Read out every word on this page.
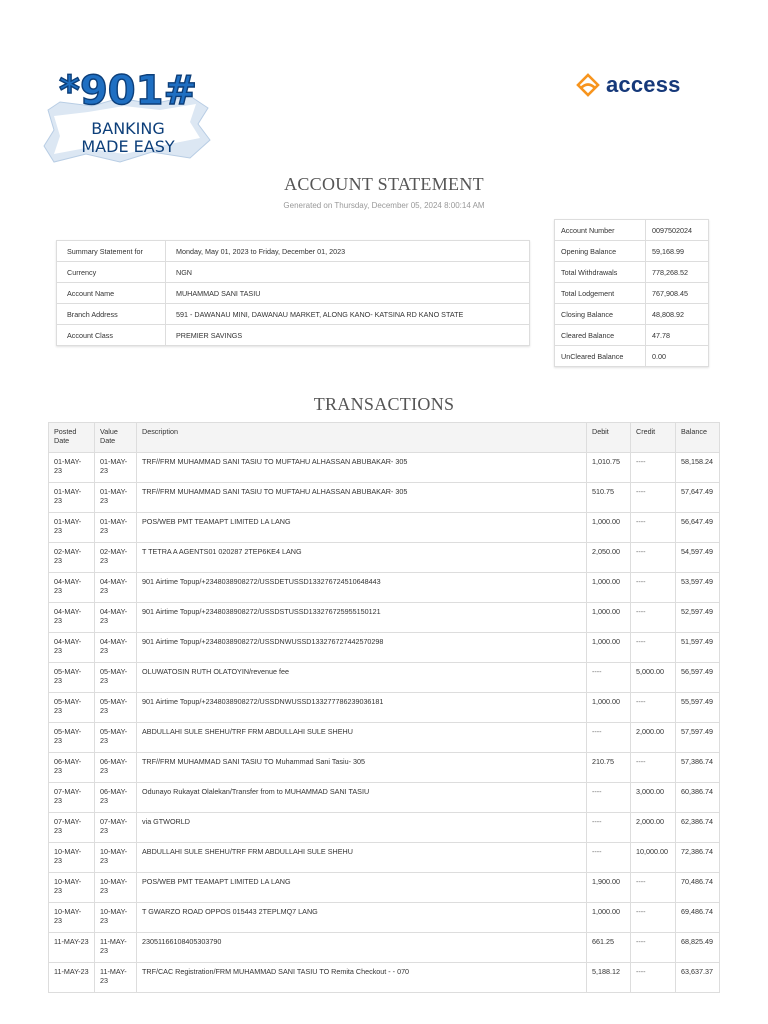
*901#
BANKING
MADE EASY
access
ACCOUNT STATEMENT
Generated on Thursday, December 05, 2024 8:00:14 AM
Summary Statement for	Monday, May 01, 2023 to Friday, December 01, 2023
Currency	NGN
Account Name	MUHAMMAD SANI TASIU
Branch Address	591 - DAWANAU MINI, DAWANAU MARKET, ALONG KANO- KATSINA RD KANO STATE
Account Class	PREMIER SAVINGS
Account Number	0097502024
Opening Balance	59,168.99
Total Withdrawals	778,268.52
Total Lodgement	767,908.45
Closing Balance	48,808.92
Cleared Balance	47.78
UnCleared Balance	0.00
TRANSACTIONS
Posted Date	Value Date	Description	Debit	Credit	Balance
01-MAY-23	01-MAY-23	TRF//FRM MUHAMMAD SANI TASIU TO MUFTAHU ALHASSAN ABUBAKAR- 305	1,010.75	----	58,158.24
01-MAY-23	01-MAY-23	TRF//FRM MUHAMMAD SANI TASIU TO MUFTAHU ALHASSAN ABUBAKAR- 305	510.75	----	57,647.49
01-MAY-23	01-MAY-23	POS/WEB PMT TEAMAPT LIMITED LA LANG	1,000.00	----	56,647.49
02-MAY-23	02-MAY-23	T TETRA A AGENTS01 020287 2TEP6KE4 LANG	2,050.00	----	54,597.49
04-MAY-23	04-MAY-23	901 Airtime Topup/+2348038908272/USSDETUSSD133276724510648443	1,000.00	----	53,597.49
04-MAY-23	04-MAY-23	901 Airtime Topup/+2348038908272/USSDSTUSSD133276725955150121	1,000.00	----	52,597.49
04-MAY-23	04-MAY-23	901 Airtime Topup/+2348038908272/USSDNWUSSD133276727442570298	1,000.00	----	51,597.49
05-MAY-23	05-MAY-23	OLUWATOSIN RUTH OLATOYIN/revenue fee	----	5,000.00	56,597.49
05-MAY-23	05-MAY-23	901 Airtime Topup/+2348038908272/USSDNWUSSD133277786239036181	1,000.00	----	55,597.49
05-MAY-23	05-MAY-23	ABDULLAHI SULE SHEHU/TRF FRM ABDULLAHI SULE SHEHU	----	2,000.00	57,597.49
06-MAY-23	06-MAY-23	TRF//FRM MUHAMMAD SANI TASIU TO Muhammad Sani Tasiu- 305	210.75	----	57,386.74
07-MAY-23	06-MAY-23	Odunayo Rukayat Olalekan/Transfer from to MUHAMMAD SANI TASIU	----	3,000.00	60,386.74
07-MAY-23	07-MAY-23	via GTWORLD	----	2,000.00	62,386.74
10-MAY-23	10-MAY-23	ABDULLAHI SULE SHEHU/TRF FRM ABDULLAHI SULE SHEHU	----	10,000.00	72,386.74
10-MAY-23	10-MAY-23	POS/WEB PMT TEAMAPT LIMITED LA LANG	1,900.00	----	70,486.74
10-MAY-23	10-MAY-23	T GWARZO ROAD OPPOS 015443 2TEPLMQ7 LANG	1,000.00	----	69,486.74
11-MAY-23	11-MAY-23	23051166108405303790	661.25	----	68,825.49
11-MAY-23	11-MAY-23	TRF/CAC Registration/FRM MUHAMMAD SANI TASIU TO Remita Checkout - - 070	5,188.12	----	63,637.37
